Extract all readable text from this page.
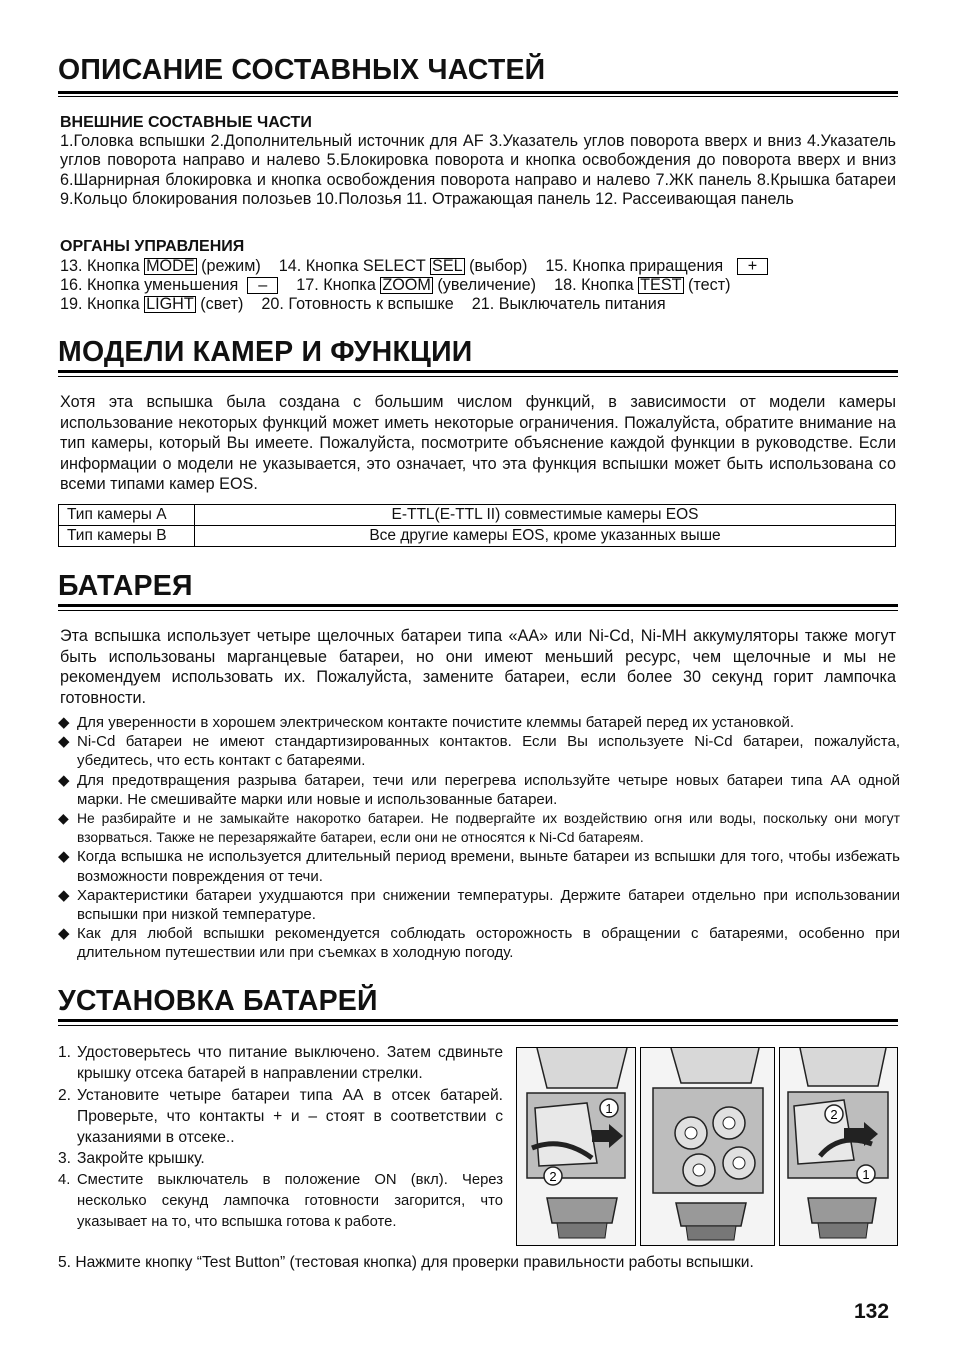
ОПИСАНИЕ СОСТАВНЫХ ЧАСТЕЙ
ВНЕШНИЕ СОСТАВНЫЕ ЧАСТИ
1.Головка вспышки 2.Дополнительный источник для AF 3.Указатель углов поворота вверх и вниз 4.Указатель углов поворота направо и налево 5.Блокировка поворота и кнопка освобождения до поворота вверх и вниз 6.Шарнирная блокировка и кнопка освобождения поворота направо и налево 7.ЖК панель 8.Крышка батареи 9.Кольцо блокирования полозьев 10.Полозья 11. Отражающая панель 12. Рассеивающая панель
ОРГАНЫ УПРАВЛЕНИЯ
13. Кнопка MODE (режим) 14. Кнопка SELECT SEL (выбор) 15. Кнопка приращения   +
16. Кнопка уменьшения  – 17. Кнопка ZOOM (увеличение) 18. Кнопка TEST (тест)
19. Кнопка LIGHT (свет) 20. Готовность к вспышке 21. Выключатель питания
МОДЕЛИ КАМЕР И ФУНКЦИИ
Хотя эта вспышка была создана с большим числом функций, в зависимости от модели камеры использование некоторых функций может иметь некоторые ограничения. Пожалуйста, обратите внимание на тип камеры, который Вы имеете. Пожалуйста, посмотрите объяснение каждой функции в руководстве. Если информации о модели не указывается, это означает, что эта функция вспышки может быть использована со всеми типами камер EOS.
Тип камеры A	E-TTL(E-TTL II) совместимые камеры EOS
Тип камеры B	Все другие камеры EOS, кроме указанных выше
БАТАРЕЯ
Эта вспышка использует четыре щелочных батареи типа «АА» или Ni-Cd, Ni-MH аккумуляторы также могут быть использованы марганцевые батареи, но они имеют меньший ресурс, чем щелочные и мы не рекомендуем использовать их. Пожалуйста, замените батареи, если более 30 секунд горит лампочка готовности.
◆ Для уверенности в хорошем электрическом контакте почистите клеммы батарей перед их установкой.
◆ Ni-Cd батареи не имеют стандартизированных контактов. Если Вы используете Ni-Cd батареи, пожалуйста, убедитесь, что есть контакт с батареями.
◆ Для предотвращения разрыва батареи, течи или перегрева используйте четыре новых батареи типа АА одной марки. Не смешивайте марки или новые и использованные батареи.
◆ Не разбирайте и не замыкайте накоротко батареи. Не подвергайте их воздействию огня или воды, поскольку они могут взорваться. Также не перезаряжайте батареи, если они не относятся к Ni-Cd батареям.
◆ Когда вспышка не используется длительный период времени, выньте батареи из вспышки для того, чтобы избежать возможности повреждения от течи.
◆ Характеристики батареи ухудшаются при снижении температуры. Держите батареи отдельно при использовании вспышки при низкой температуре.
◆ Как для любой вспышки рекомендуется соблюдать осторожность в обращении с батареями, особенно при длительном путешествии или при съемках в холодную погоду.
УСТАНОВКА БАТАРЕЙ
1. Удостоверьтесь что питание выключено. Затем сдвиньте крышку отсека батарей в направлении стрелки.
2. Установите четыре батареи типа АА в отсек батарей. Проверьте, что контакты + и – стоят в соответствии с указаниями в отсеке..
3. Закройте крышку.
4. Сместите выключатель в положение ON (вкл). Через несколько секунд лампочка готовности загорится, что указывает на то, что вспышка готова к работе.
5. Нажмите кнопку “Test Button” (тестовая кнопка) для проверки правильности работы вспышки.
1
2
2
1
132
